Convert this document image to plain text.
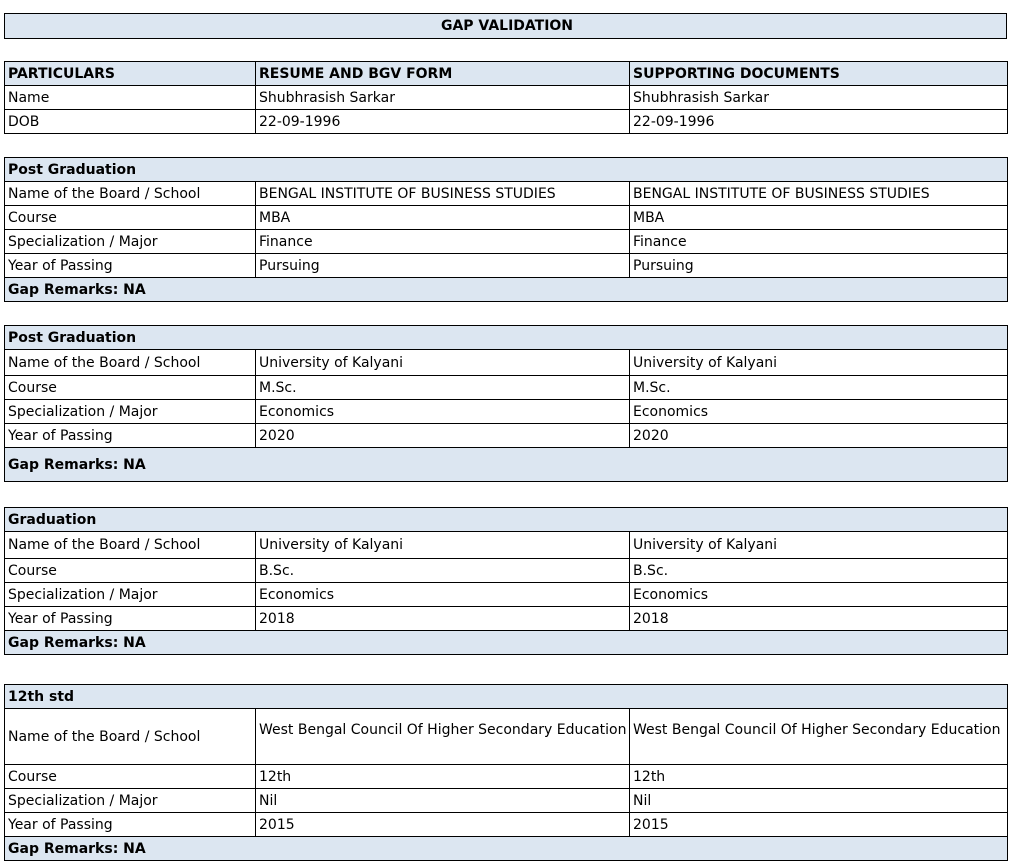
GAP VALIDATION
PARTICULARS	RESUME AND BGV FORM	SUPPORTING DOCUMENTS
Name	Shubhrasish Sarkar	Shubhrasish Sarkar
DOB	22-09-1996	22-09-1996
Post Graduation		
Name of the Board / School	BENGAL INSTITUTE OF BUSINESS STUDIES	BENGAL INSTITUTE OF BUSINESS STUDIES
Course	MBA	MBA
Specialization / Major	Finance	Finance
Year of Passing	Pursuing	Pursuing
Gap Remarks: NA		
Post Graduation		
Name of the Board / School	University of Kalyani	University of Kalyani
Course	M.Sc.	M.Sc.
Specialization / Major	Economics	Economics
Year of Passing	2020	2020
Gap Remarks: NA		
Graduation		
Name of the Board / School	University of Kalyani	University of Kalyani
Course	B.Sc.	B.Sc.
Specialization / Major	Economics	Economics
Year of Passing	2018	2018
Gap Remarks: NA		
12th std		
Name of the Board / School	West Bengal Council Of Higher Secondary Education	West Bengal Council Of Higher Secondary Education
Course	12th	12th
Specialization / Major	Nil	Nil
Year of Passing	2015	2015
Gap Remarks: NA		
